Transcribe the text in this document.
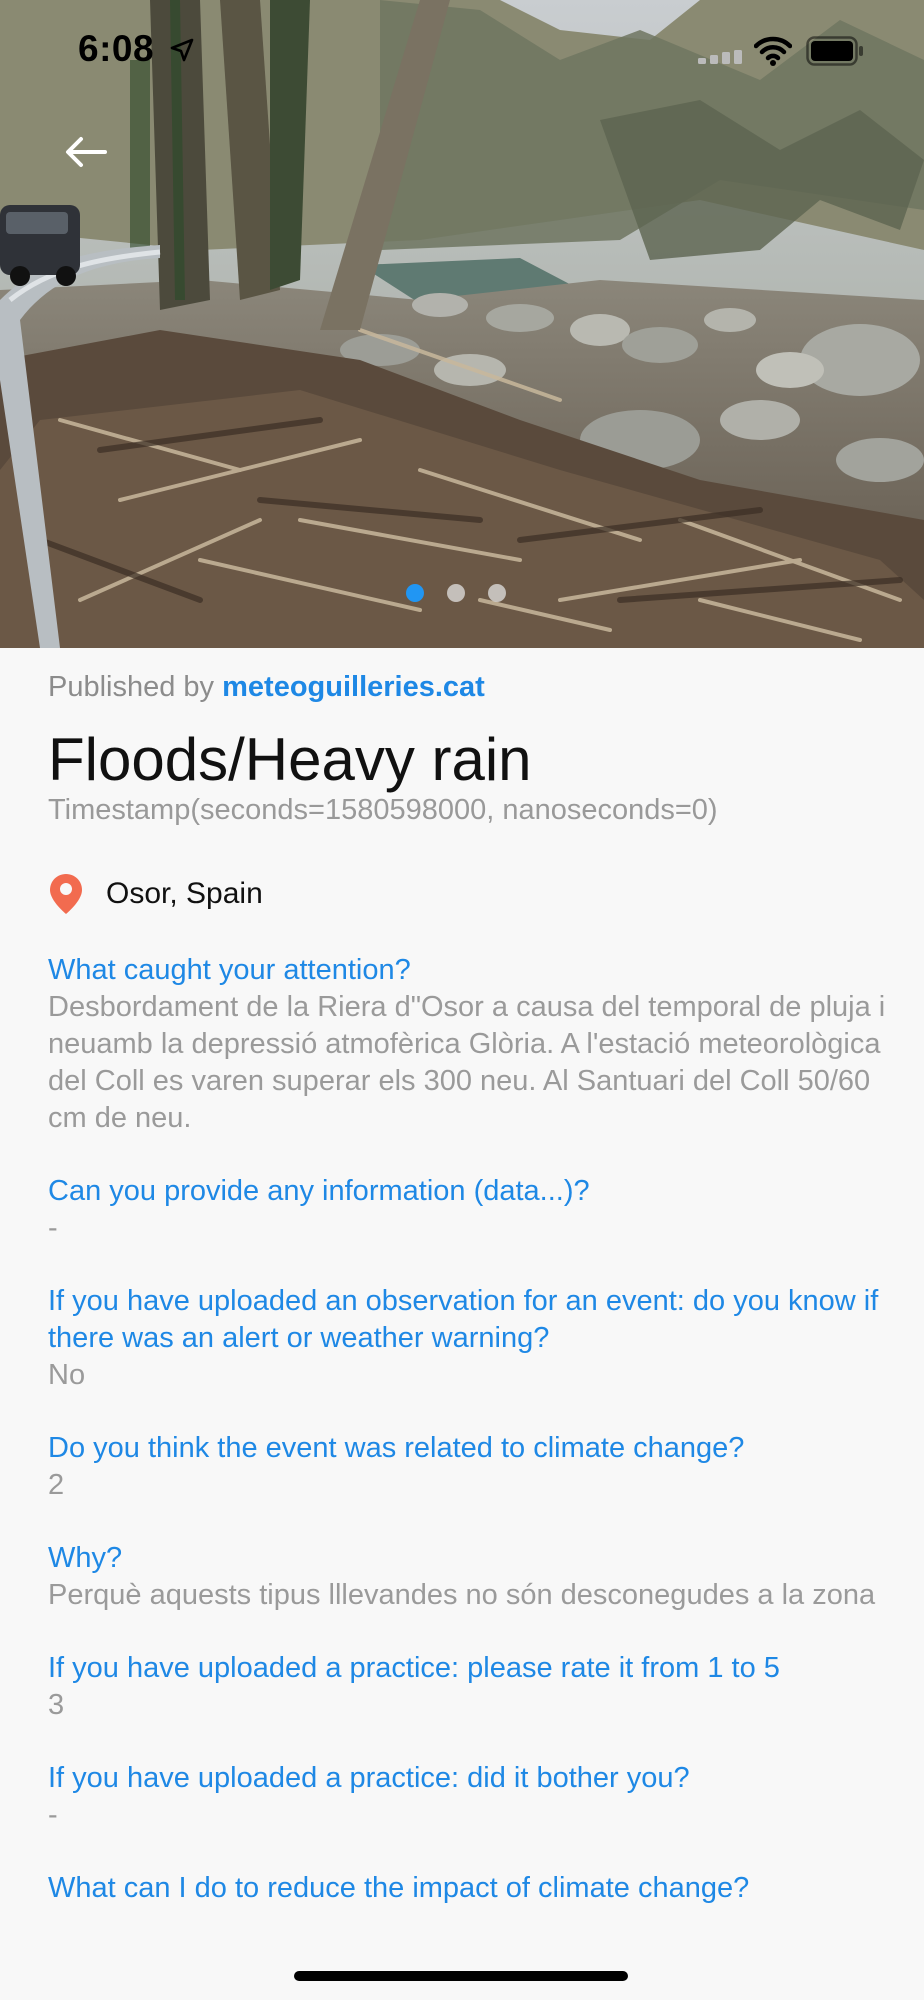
6:08
Published by meteoguilleries.cat
Floods/Heavy rain
Timestamp(seconds=1580598000, nanoseconds=0)
Osor, Spain
What caught your attention?
Desbordament de la Riera d"Osor a causa del temporal de pluja i neuamb la depressió atmofèrica Glòria. A l'estació meteorològica del Coll es varen superar els 300 neu. Al Santuari del Coll 50/60 cm de neu.
Can you provide any information (data...)?
-
If you have uploaded an observation for an event: do you know if there was an alert or weather warning?
No
Do you think the event was related to climate change?
2
Why?
Perquè aquests tipus lllevandes no són desconegudes a la zona
If you have uploaded a practice: please rate it from 1 to 5
3
If you have uploaded a practice: did it bother you?
-
What can I do to reduce the impact of climate change?
